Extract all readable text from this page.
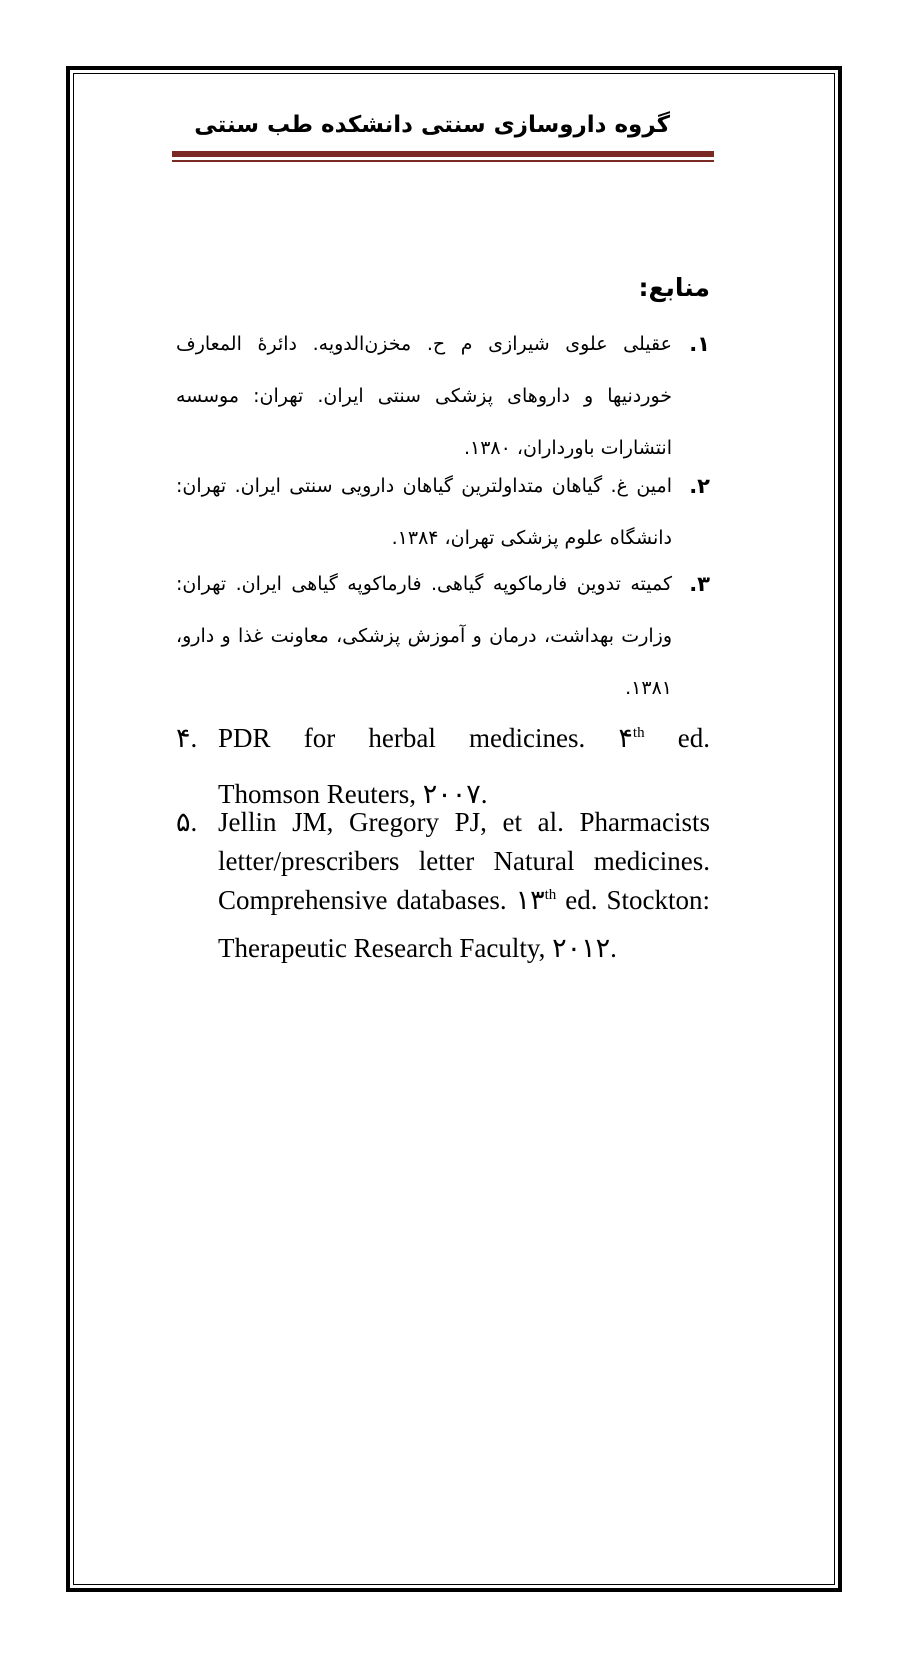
گروه داروسازی سنتی دانشکده طب سنتی
منابع:
۱.
عقیلی علوی شیرازی م ح. مخزن‌الدویه. دائرهٔ المعارف خوردنیها و داروهای پزشکی سنتی ایران. تهران: موسسه انتشارات باورداران، ۱۳۸۰.
۲.
امین غ. گیاهان متداولترین گیاهان دارویی سنتی ایران. تهران: دانشگاه علوم پزشکی تهران، ۱۳۸۴.
۳.
کمیته تدوین فارماکوپه گیاهی. فارماکوپه گیاهی ایران. تهران: وزارت بهداشت، درمان و آموزش پزشکی، معاونت غذا و دارو، ۱۳۸۱.
۴. PDR for herbal medicines. ۴th ed.
Thomson Reuters, ۲۰۰۷.
۵. Jellin JM, Gregory PJ, et al. Pharmacists letter/prescribers letter Natural medicines. Comprehensive databases. ۱۳th ed. Stockton:
Therapeutic Research Faculty, ۲۰۱۲.
